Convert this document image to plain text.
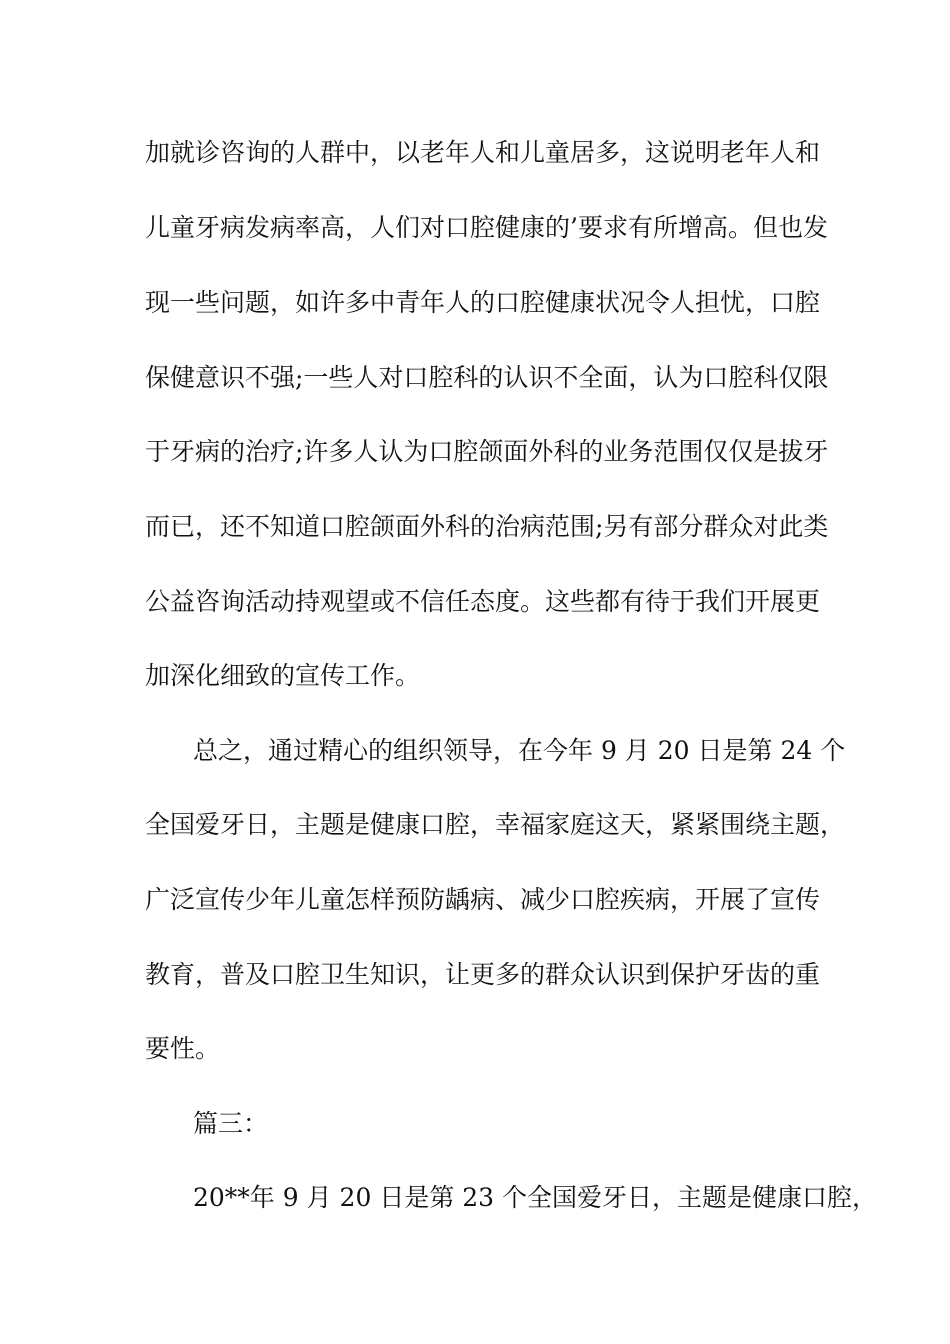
加就诊咨询的人群中，以老年人和儿童居多，这说明老年人和
儿童牙病发病率高，人们对口腔健康的’要求有所增高。但也发
现一些问题，如许多中青年人的口腔健康状况令人担忧，口腔
保健意识不强;一些人对口腔科的认识不全面，认为口腔科仅限
于牙病的治疗;许多人认为口腔颌面外科的业务范围仅仅是拔牙
而已，还不知道口腔颌面外科的治病范围;另有部分群众对此类
公益咨询活动持观望或不信任态度。这些都有待于我们开展更
加深化细致的宣传工作。
总之，通过精心的组织领导，在今年 9 月 20 日是第 24 个
全国爱牙日，主题是健康口腔，幸福家庭这天，紧紧围绕主题，
广泛宣传少年儿童怎样预防龋病、减少口腔疾病，开展了宣传
教育，普及口腔卫生知识，让更多的群众认识到保护牙齿的重
要性。
篇三：
20**年 9 月 20 日是第 23 个全国爱牙日，主题是健康口腔，
